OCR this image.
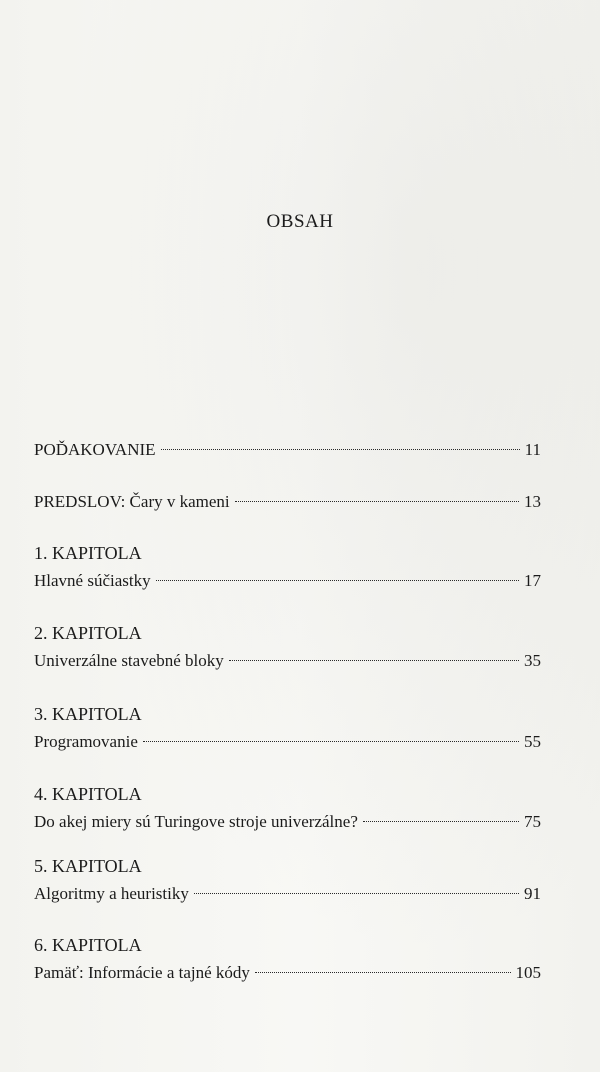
OBSAH
POĎAKOVANIE	11
PREDSLOV: Čary v kameni	13
1. KAPITOLA
Hlavné súčiastky	17
2. KAPITOLA
Univerzálne stavebné bloky	35
3. KAPITOLA
Programovanie	55
4. KAPITOLA
Do akej miery sú Turingove stroje univerzálne?	75
5. KAPITOLA
Algoritmy a heuristiky	91
6. KAPITOLA
Pamäť: Informácie a tajné kódy	105
